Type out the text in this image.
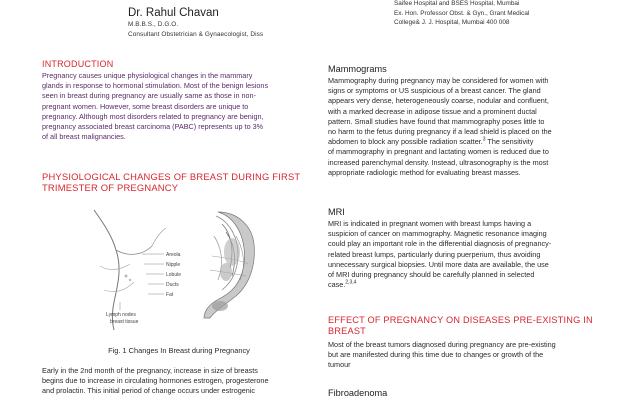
Dr. Rahul Chavan
M.B.B.S., D.G.O.
Consultant Obstetrician & Gynaecologist, Diss
Saifee Hospital and BSES Hospital, Mumbai
Ex. Hon. Professor Obst. & Gyn., Grant Medical
College& J. J. Hospital, Mumbai 400 008
INTRODUCTION
Pregnancy causes unique physiological changes in the mammary
glands in response to hormonal stimulation. Most of the benign lesions
seen in breast during pregnancy are usually same as those in non-
pregnant women. However, some breast disorders are unique to
pregnancy. Although most disorders related to pregnancy are benign,
pregnancy associated breast carcinoma (PABC) represents up to 3%
of all breast malignancies.
PHYSIOLOGICAL CHANGES OF BREAST DURING FIRST
TRIMESTER OF PREGNANCY
Early in the 2nd month of the pregnancy, increase in size of breasts
begins due to increase in circulating hormones estrogen, progesterone
and prolactin. This initial period of change occurs under estrogenic
Areola
Nipple
Lobule
Ducts
Fat
Lymph nodes
breast tissue
Fig. 1 Changes In Breast during Pregnancy
Mammograms
Mammography during pregnancy may be considered for women with
signs or symptoms or US suspicious of a breast cancer. The gland
appears very dense, heterogeneously coarse, nodular and confluent,
with a marked decrease in adipose tissue and a prominent ductal
pattern. Small studies have found that mammography poses little to
no harm to the fetus during pregnancy if a lead shield is placed on the
abdomen to block any possible radiation scatter.$^3$ The sensitivity
of mammography in pregnant and lactating women is reduced due to
increased parenchymal density. Instead, ultrasonography is the most
appropriate radiologic method for evaluating breast masses.
MRI
MRI is indicated in pregnant women with breast lumps having a
suspicion of cancer on mammography. Magnetic resonance imaging
could play an important role in the differential diagnosis of pregnancy-
related breast lumps, particularly during puerperium, thus avoiding
unnecessary surgical biopsies. Until more data are available, the use
of MRI during pregnancy should be carefully planned in selected
case.$^{2,3,4}$
EFFECT OF PREGNANCY ON DISEASES PRE-EXISTING IN
BREAST
Most of the breast tumors diagnosed during pregnancy are pre-existing
but are manifested during this time due to changes or growth of the
tumour
Fibroadenoma
